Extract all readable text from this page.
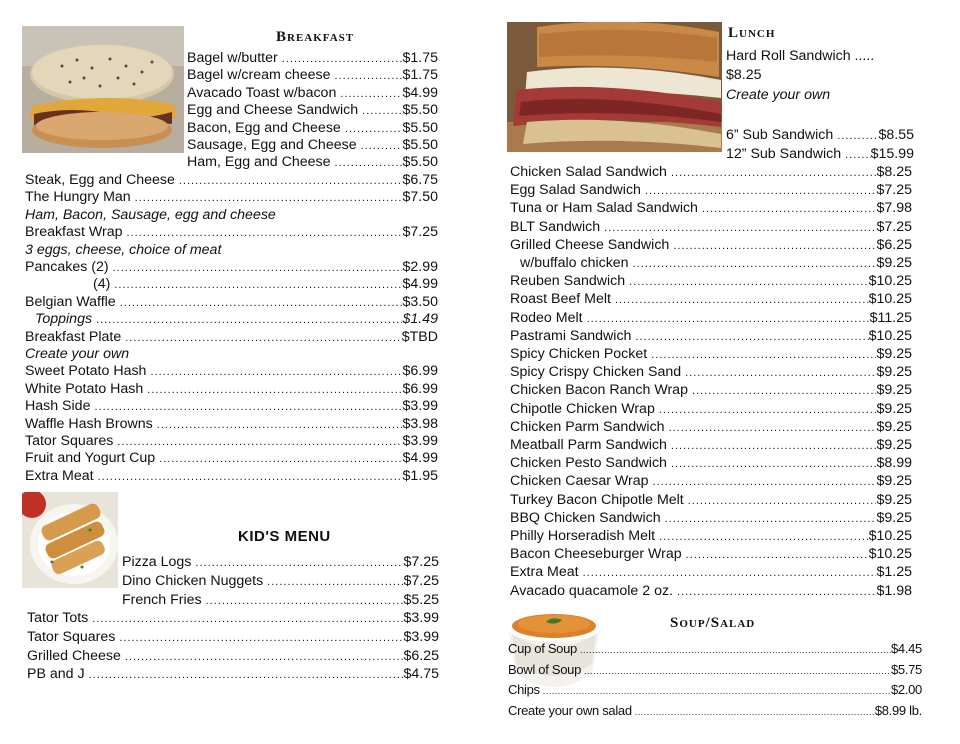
Breakfast
Bagel w/butter .....	$1.75
Bagel w/cream cheese .....	$1.75
Avacado Toast w/bacon .....	$4.99
Egg and Cheese Sandwich .....	$5.50
Bacon, Egg and Cheese .....	$5.50
Sausage, Egg and Cheese .....	$5.50
Ham, Egg and Cheese .....	$5.50
Steak, Egg and Cheese .....	$6.75
The Hungry Man .....	$7.50
Ham, Bacon, Sausage, egg and cheese
Breakfast Wrap .....	$7.25
3 eggs, cheese, choice of meat
Pancakes (2) .....	$2.99
(4) .....	$4.99
Belgian Waffle .....	$3.50
Toppings .....	$1.49
Breakfast Plate .....	$TBD
Create your own
Sweet Potato Hash .....	$6.99
White Potato Hash .....	$6.99
Hash Side .....	$3.99
Waffle Hash Browns .....	$3.98
Tator Squares .....	$3.99
Fruit and Yogurt Cup .....	$4.99
Extra Meat .....	$1.95
KID'S MENU
Pizza Logs .....	$7.25
Dino Chicken Nuggets .....	$7.25
French Fries .....	$5.25
Tator Tots .....	$3.99
Tator Squares .....	$3.99
Grilled Cheese .....	$6.25
PB and J .....	$4.75
Lunch
Hard Roll Sandwich .....
$8.25
Create your own
6” Sub Sandwich .....	$8.55
12” Sub Sandwich ..... $15.99
Chicken Salad Sandwich .....	$8.25
Egg Salad Sandwich .....	$7.25
Tuna or Ham Salad Sandwich .....	$7.98
BLT Sandwich .....	$7.25
Grilled Cheese Sandwich .....	$6.25
w/buffalo chicken .....	$9.25
Reuben Sandwich .....	$10.25
Roast Beef Melt .....	$10.25
Rodeo Melt .....	$11.25
Pastrami Sandwich .....	$10.25
Spicy Chicken Pocket .....	$9.25
Spicy Crispy Chicken Sand .....	$9.25
Chicken Bacon Ranch Wrap .....	$9.25
Chipotle Chicken Wrap .....	$9.25
Chicken Parm Sandwich .....	$9.25
Meatball Parm Sandwich .....	$9.25
Chicken Pesto Sandwich .....	$8.99
Chicken Caesar Wrap .....	$9.25
Turkey Bacon Chipotle Melt .....	$9.25
BBQ Chicken Sandwich .....	$9.25
Philly Horseradish Melt .....	$10.25
Bacon Cheeseburger Wrap .....	$10.25
Extra Meat .....	$1.25
Avacado quacamole 2 oz. .....	$1.98
Soup/Salad
Cup of Soup .....	$4.45
Bowl of Soup .....	$5.75
Chips .....	$2.00
Create your own salad .....	$8.99 lb.
